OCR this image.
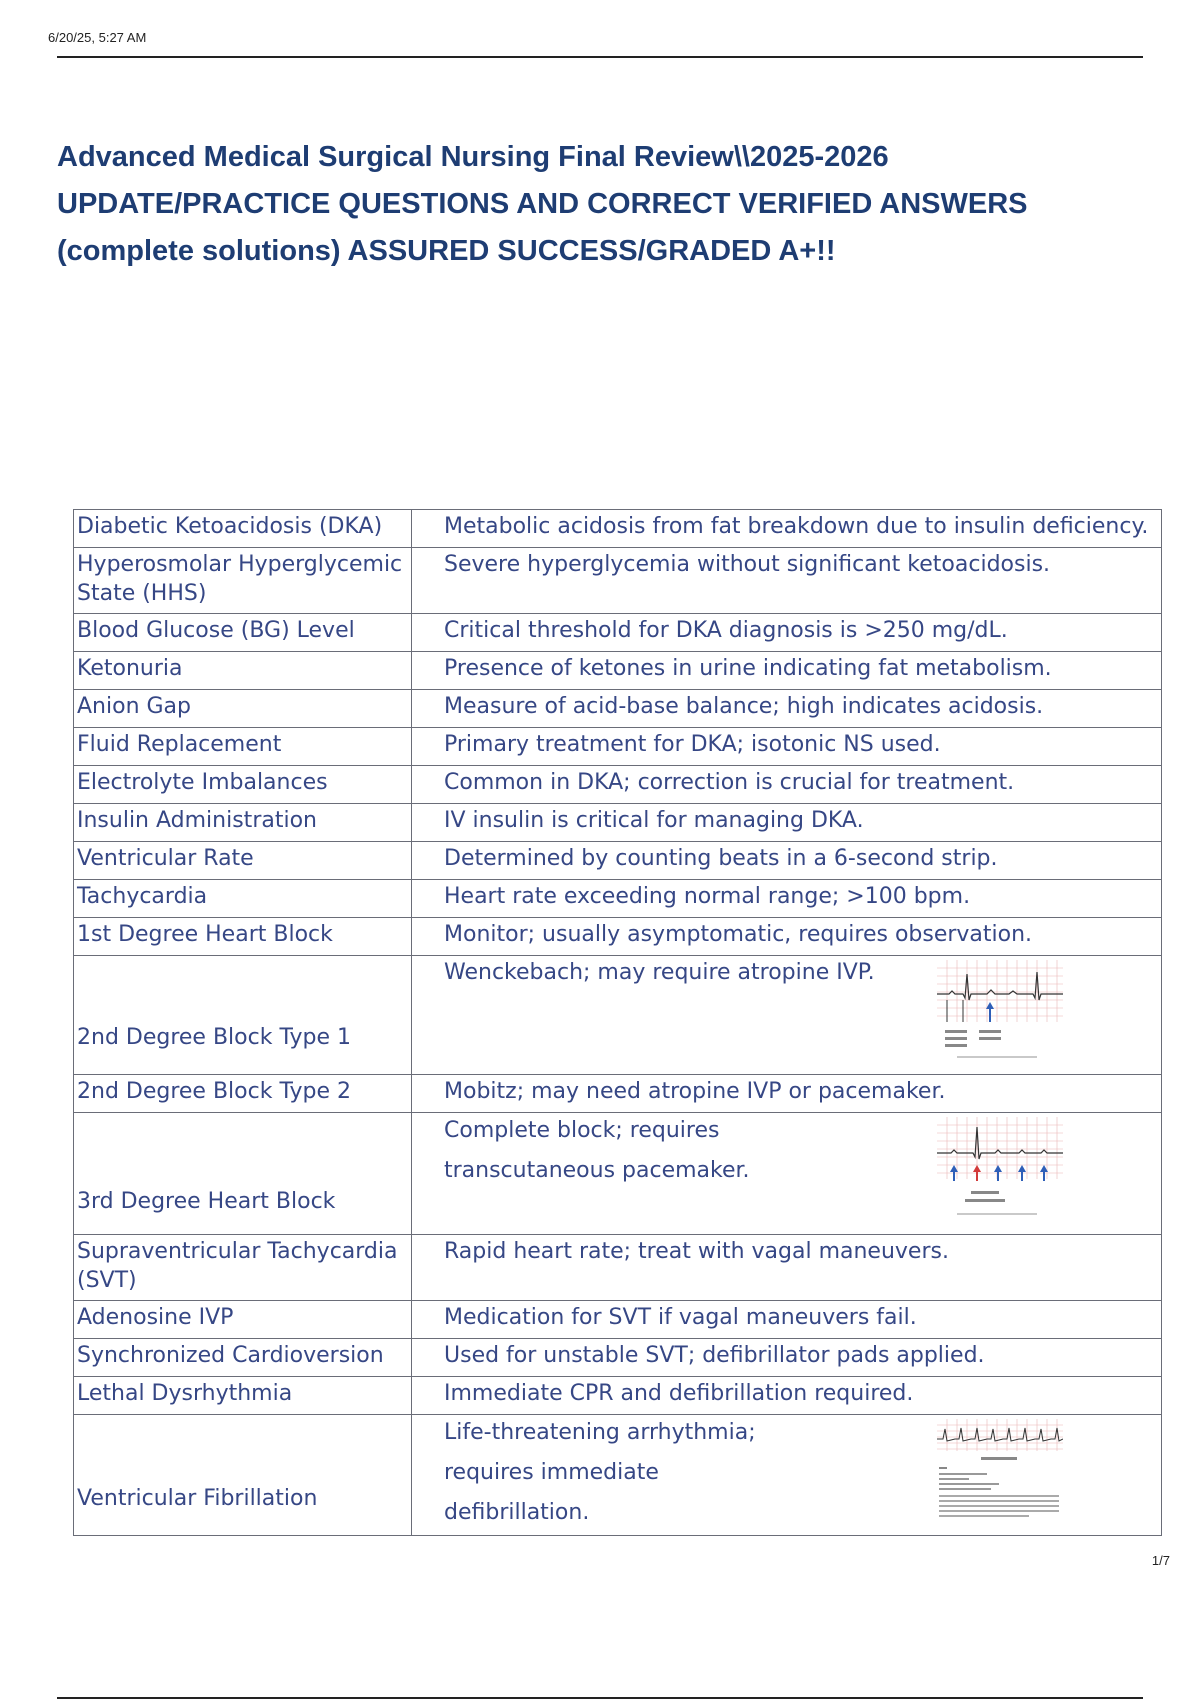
6/20/25, 5:27 AM
Advanced Medical Surgical Nursing Final Review\\2025-2026 UPDATE/PRACTICE QUESTIONS AND CORRECT VERIFIED ANSWERS (complete solutions) ASSURED SUCCESS/GRADED A+!!
Diabetic Ketoacidosis (DKA)	Metabolic acidosis from fat breakdown due to insulin deficiency.
Hyperosmolar Hyperglycemic State (HHS)	Severe hyperglycemia without significant ketoacidosis.
Blood Glucose (BG) Level	Critical threshold for DKA diagnosis is >250 mg/dL.
Ketonuria	Presence of ketones in urine indicating fat metabolism.
Anion Gap	Measure of acid-base balance; high indicates acidosis.
Fluid Replacement	Primary treatment for DKA; isotonic NS used.
Electrolyte Imbalances	Common in DKA; correction is crucial for treatment.
Insulin Administration	IV insulin is critical for managing DKA.
Ventricular Rate	Determined by counting beats in a 6-second strip.
Tachycardia	Heart rate exceeding normal range; >100 bpm.
1st Degree Heart Block	Monitor; usually asymptomatic, requires observation.
2nd Degree Block Type 1	Wenckebach; may require atropine IVP.

2nd Degree Block Type 2	Mobitz; may need atropine IVP or pacemaker.
3rd Degree Heart Block	Complete block; requires transcutaneous pacemaker.

Supraventricular Tachycardia (SVT)	Rapid heart rate; treat with vagal maneuvers.
Adenosine IVP	Medication for SVT if vagal maneuvers fail.
Synchronized Cardioversion	Used for unstable SVT; defibrillator pads applied.
Lethal Dysrhythmia	Immediate CPR and defibrillation required.
Ventricular Fibrillation	Life-threatening arrhythmia; requires immediate defibrillation.
1/7
